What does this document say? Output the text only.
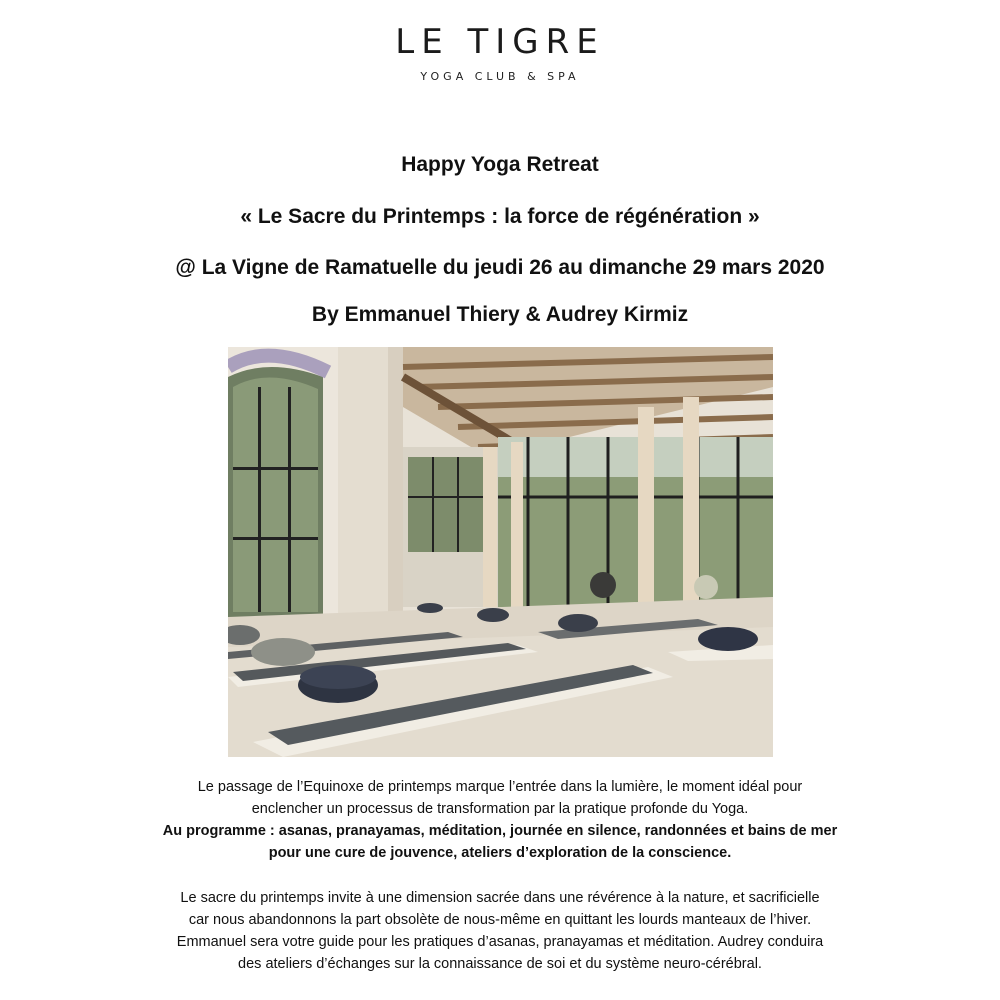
LE TIGRE
YOGA CLUB & SPA
Happy Yoga Retreat
« Le Sacre du Printemps : la force de régénération »
@ La Vigne de Ramatuelle du jeudi 26 au dimanche 29 mars 2020
By Emmanuel Thiery & Audrey Kirmiz
Le passage de l’Equinoxe de printemps marque l’entrée dans la lumière, le moment idéal pour
enclencher un processus de transformation par la pratique profonde du Yoga.
Au programme : asanas, pranayamas, méditation, journée en silence, randonnées et bains de mer
pour une cure de jouvence, ateliers d’exploration de la conscience.
Le sacre du printemps invite à une dimension sacrée dans une révérence à la nature, et sacrificielle
car nous abandonnons la part obsolète de nous-même en quittant les lourds manteaux de l’hiver.
Emmanuel sera votre guide pour les pratiques d’asanas, pranayamas et méditation. Audrey conduira
des ateliers d’échanges sur la connaissance de soi et du système neuro-cérébral.
